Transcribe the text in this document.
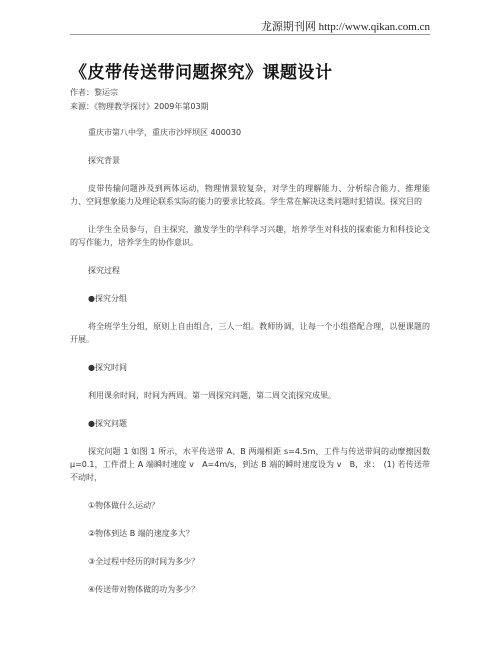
龙源期刊网 http://www.qikan.com.cn
《皮带传送带问题探究》课题设计
作者：黎运宗
来源：《物理教学探讨》2009年第03期

重庆市第八中学，重庆市沙坪坝区 400030

探究背景

皮带传输问题涉及到两体运动，物理情景较复杂，对学生的理解能力、分析综合能力、推理能力、空间想象能力及理论联系实际的能力的要求比较高。学生常在解决这类问题时犯错误。探究目的

让学生全员参与，自主探究，激发学生的学科学习兴趣，培养学生对科技的探索能力和科技论文的写作能力，培养学生的协作意识。

探究过程

●探究分组

将全班学生分组，原则上自由组合，三人一组。教师协调，让每一个小组搭配合理，以便课题的开展。

●探究时间

利用课余时间，时间为两周。第一周探究问题，第二周交流探究成果。

●探究问题

探究问题 1 如图 1 所示，水平传送带 A、B 两端相距 s=4.5m，工件与传送带间的动摩擦因数 μ=0.1，工件滑上 A 端瞬时速度 v　A=4m/s，到达 B 端的瞬时速度设为 v　B，求：　(1) 若传送带不动时，

①物体做什么运动？

②物体到达 B 端的速度多大？

③全过程中经历的时间为多少？

④传送带对物体做的功为多少？
